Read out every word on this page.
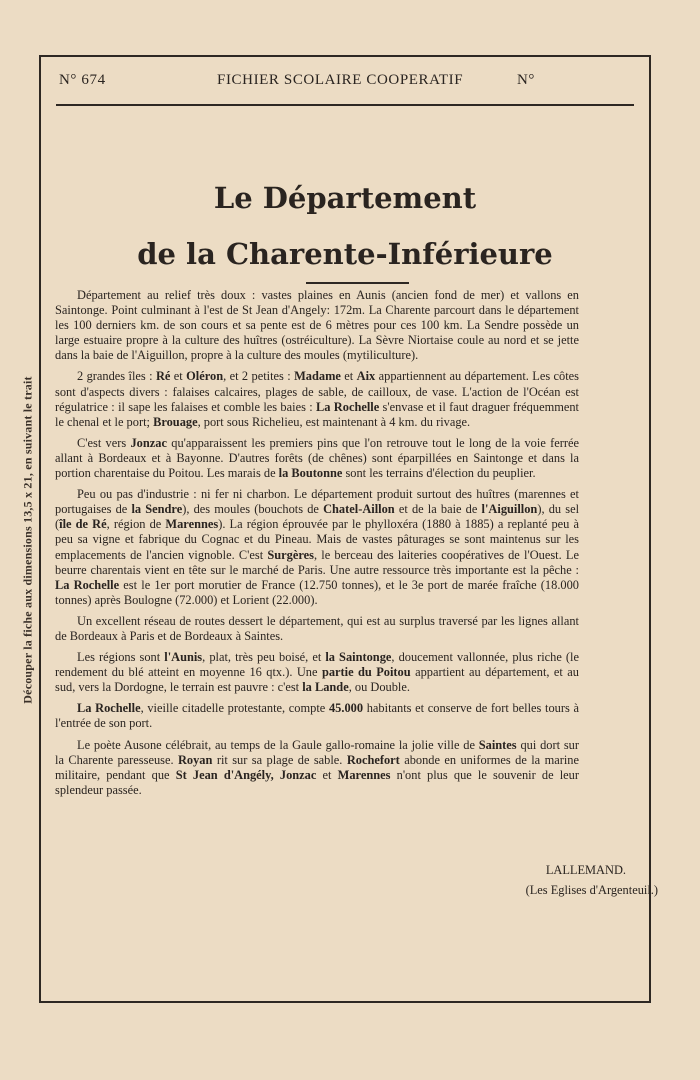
Découper la fiche aux dimensions 13,5 x 21, en suivant le trait
N° 674	FICHIER SCOLAIRE COOPERATIF	N°
Le Département
de la Charente-Inférieure

Département au relief très doux : vastes plaines en Aunis (ancien fond de mer) et vallons en Saintonge. Point culminant à l'est de St Jean d'Angely: 172m. La Charente parcourt dans le département les 100 derniers km. de son cours et sa pente est de 6 mètres pour ces 100 km. La Sendre possède un large estuaire propre à la culture des huîtres (ostréiculture). La Sèvre Niortaise coule au nord et se jette dans la baie de l'Aiguillon, propre à la culture des moules (mytiliculture).

2 grandes îles : Ré et Oléron, et 2 petites : Madame et Aix appartiennent au département. Les côtes sont d'aspects divers : falaises calcaires, plages de sable, de cailloux, de vase. L'action de l'Océan est régulatrice : il sape les falaises et comble les baies : La Rochelle s'envase et il faut draguer fréquemment le chenal et le port; Brouage, port sous Richelieu, est maintenant à 4 km. du rivage.

C'est vers Jonzac qu'apparaissent les premiers pins que l'on retrouve tout le long de la voie ferrée allant à Bordeaux et à Bayonne. D'autres forêts (de chênes) sont éparpillées en Saintonge et dans la portion charentaise du Poitou. Les marais de la Boutonne sont les terrains d'élection du peuplier.

Peu ou pas d'industrie : ni fer ni charbon. Le département produit surtout des huîtres (marennes et portugaises de la Sendre), des moules (bouchots de Chatel-Aillon et de la baie de l'Aiguillon), du sel (île de Ré, région de Marennes). La région éprouvée par le phylloxéra (1880 à 1885) a replanté peu à peu sa vigne et fabrique du Cognac et du Pineau. Mais de vastes pâturages se sont maintenus sur les emplacements de l'ancien vignoble. C'est Surgères, le berceau des laiteries coopératives de l'Ouest. Le beurre charentais vient en tête sur le marché de Paris. Une autre ressource très importante est la pêche : La Rochelle est le 1er port morutier de France (12.750 tonnes), et le 3e port de marée fraîche (18.000 tonnes) après Boulogne (72.000) et Lorient (22.000).

Un excellent réseau de routes dessert le département, qui est au surplus traversé par les lignes allant de Bordeaux à Paris et de Bordeaux à Saintes.

Les régions sont l'Aunis, plat, très peu boisé, et la Saintonge, doucement vallonnée, plus riche (le rendement du blé atteint en moyenne 16 qtx.). Une partie du Poitou appartient au département, et au sud, vers la Dordogne, le terrain est pauvre : c'est la Lande, ou Double.

La Rochelle, vieille citadelle protestante, compte 45.000 habitants et conserve de fort belles tours à l'entrée de son port.

Le poète Ausone célébrait, au temps de la Gaule gallo-romaine la jolie ville de Saintes qui dort sur la Charente paresseuse. Royan rit sur sa plage de sable. Rochefort abonde en uniformes de la marine militaire, pendant que St Jean d'Angély, Jonzac et Marennes n'ont plus que le souvenir de leur splendeur passée.

LALLEMAND.
(Les Eglises d'Argenteuil.)
